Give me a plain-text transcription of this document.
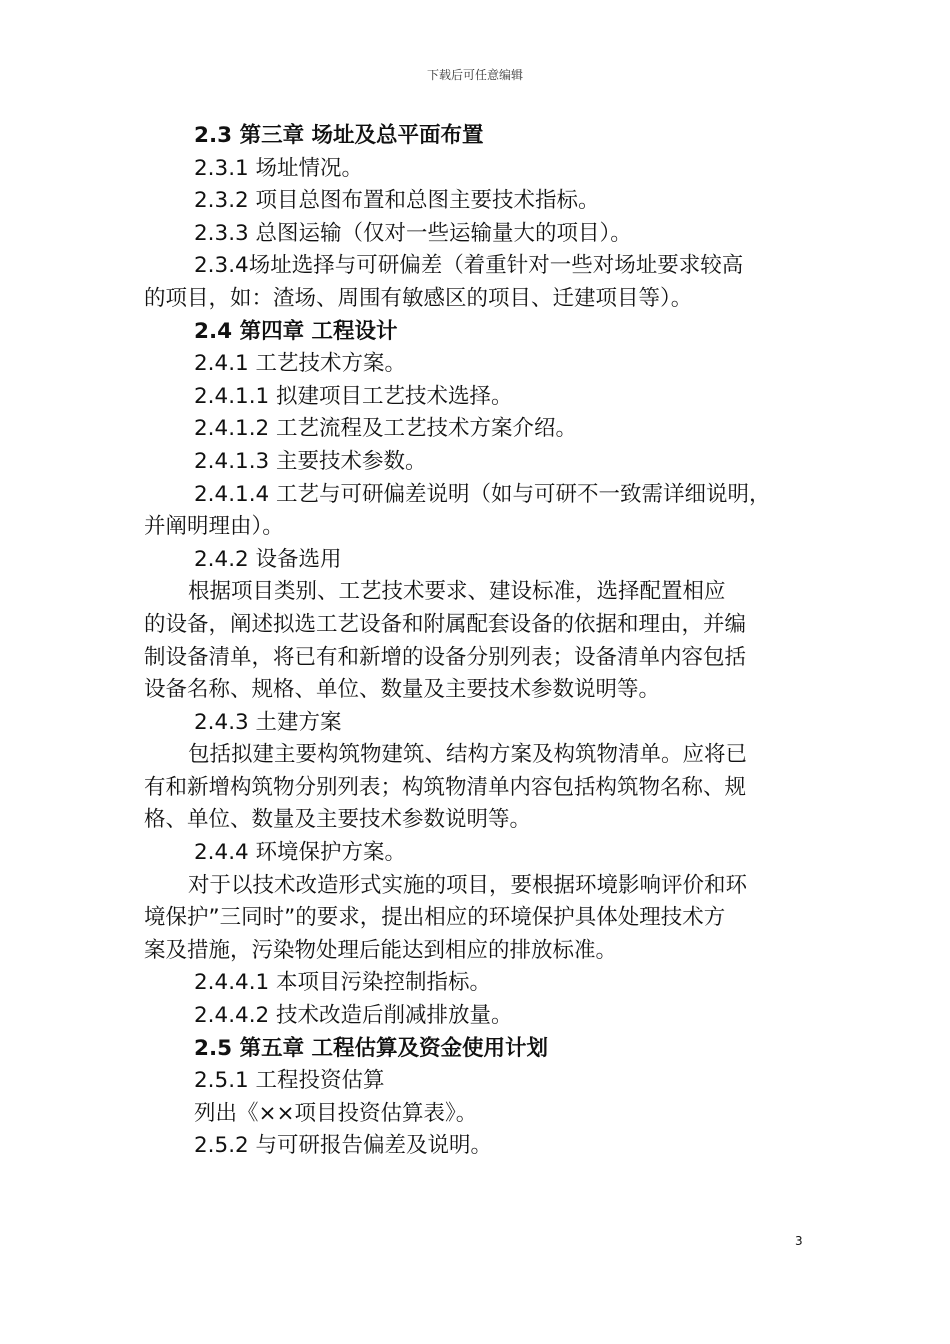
下载后可任意编辑

2.3 第三章 场址及总平面布置

2.3.1 场址情况。

2.3.2 项目总图布置和总图主要技术指标。

2.3.3 总图运输（仅对一些运输量大的项目）。

2.3.4场址选择与可研偏差（着重针对一些对场址要求较高

的项目，如：渣场、周围有敏感区的项目、迁建项目等）。

2.4 第四章 工程设计

2.4.1 工艺技术方案。

2.4.1.1 拟建项目工艺技术选择。

2.4.1.2 工艺流程及工艺技术方案介绍。

2.4.1.3 主要技术参数。

2.4.1.4 工艺与可研偏差说明（如与可研不一致需详细说明，

并阐明理由）。

2.4.2 设备选用

根据项目类别、工艺技术要求、建设标准，选择配置相应

的设备，阐述拟选工艺设备和附属配套设备的依据和理由，并编

制设备清单，将已有和新增的设备分别列表；设备清单内容包括

设备名称、规格、单位、数量及主要技术参数说明等。

2.4.3 土建方案

包括拟建主要构筑物建筑、结构方案及构筑物清单。应将已

有和新增构筑物分别列表；构筑物清单内容包括构筑物名称、规

格、单位、数量及主要技术参数说明等。

2.4.4 环境保护方案。

对于以技术改造形式实施的项目，要根据环境影响评价和环

境保护”三同时”的要求，提出相应的环境保护具体处理技术方

案及措施，污染物处理后能达到相应的排放标准。

2.4.4.1 本项目污染控制指标。

2.4.4.2 技术改造后削减排放量。

2.5 第五章 工程估算及资金使用计划

2.5.1 工程投资估算

列出《××项目投资估算表》。

2.5.2 与可研报告偏差及说明。

3
